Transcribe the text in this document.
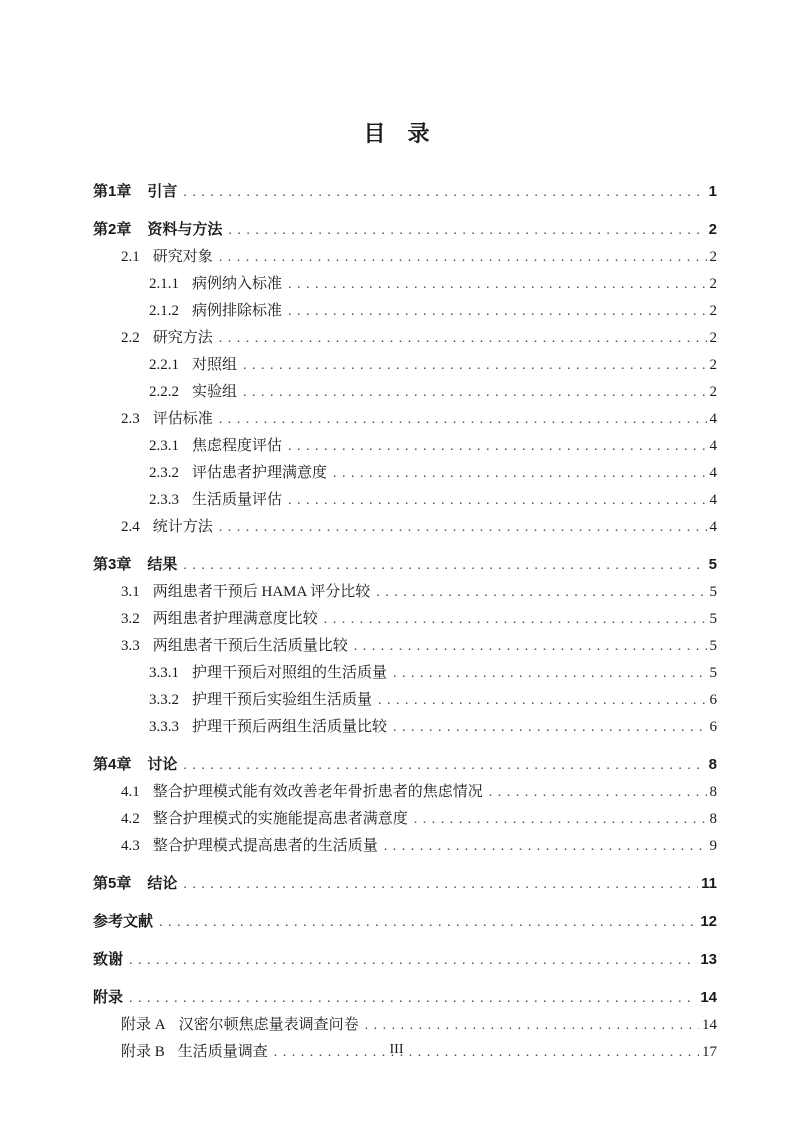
目　录
第1章 引言 . . .	1
第2章 资料与方法 . . .	2
2.1 研究对象 . . .	2
2.1.1 病例纳入标准 . . .	2
2.1.2 病例排除标准 . . .	2
2.2 研究方法 . . .	2
2.2.1 对照组 . . .	2
2.2.2 实验组 . . .	2
2.3 评估标准 . . .	4
2.3.1 焦虑程度评估 . . .	4
2.3.2 评估患者护理满意度 . . .	4
2.3.3 生活质量评估 . . .	4
2.4 统计方法 . . .	4
第3章 结果 . . .	5
3.1 两组患者干预后 HAMA 评分比较 . . .	5
3.2 两组患者护理满意度比较 . . .	5
3.3 两组患者干预后生活质量比较 . . .	5
3.3.1 护理干预后对照组的生活质量 . . .	5
3.3.2 护理干预后实验组生活质量 . . .	6
3.3.3 护理干预后两组生活质量比较 . . .	6
第4章 讨论 . . .	8
4.1 整合护理模式能有效改善老年骨折患者的焦虑情况 . . .	8
4.2 整合护理模式的实施能提高患者满意度 . . .	8
4.3 整合护理模式提高患者的生活质量 . . .	9
第5章 结论 . . .	11
参考文献 . . .	12
致谢 . . .	13
附录 . . .	14
附录 A 汉密尔顿焦虑量表调查问卷 . . .	14
附录 B 生活质量调查 . . .	17
III
